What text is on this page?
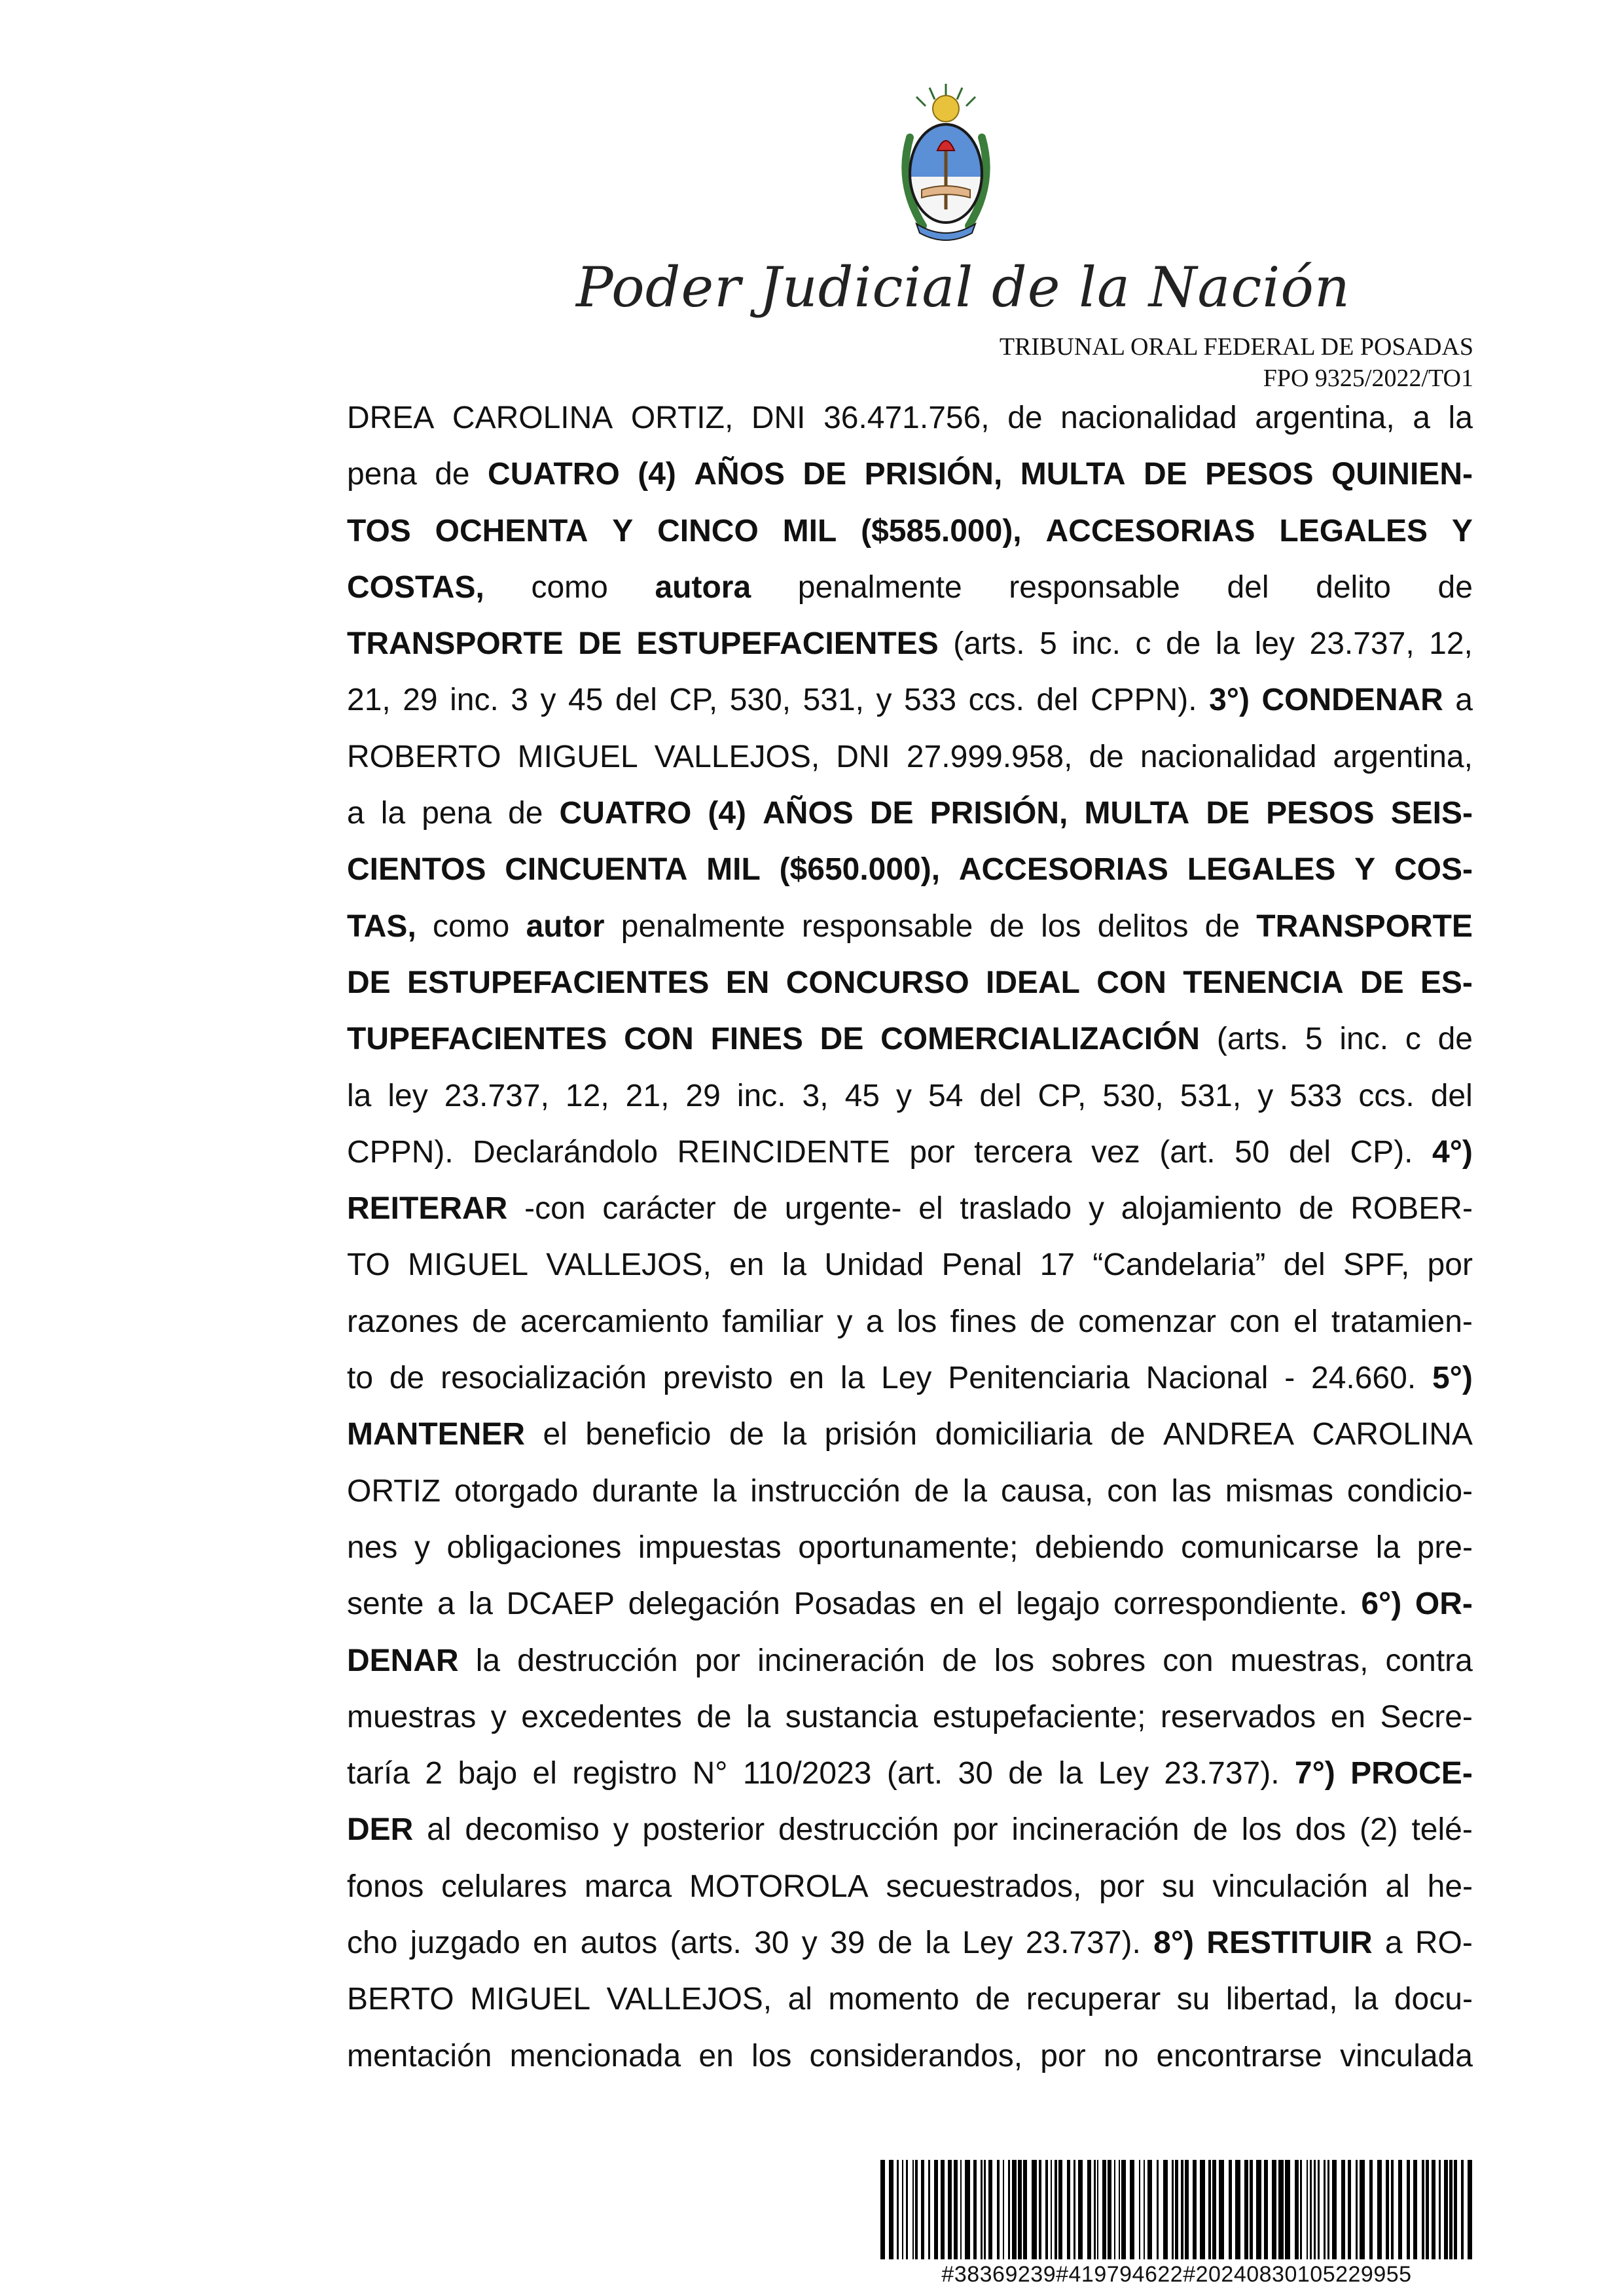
Poder Judicial de la Nación
TRIBUNAL ORAL FEDERAL DE POSADAS
FPO 9325/2022/TO1
DREA CAROLINA ORTIZ, DNI 36.471.756, de nacionalidad argentina, a la
pena de CUATRO (4) AÑOS DE PRISIÓN, MULTA DE PESOS QUINIEN-
TOS OCHENTA Y CINCO MIL ($585.000), ACCESORIAS LEGALES Y
COSTAS, como autora penalmente responsable del delito de
TRANSPORTE DE ESTUPEFACIENTES (arts. 5 inc. c de la ley 23.737, 12,
21, 29 inc. 3 y 45 del CP, 530, 531, y 533 ccs. del CPPN). 3°) CONDENAR a
ROBERTO MIGUEL VALLEJOS, DNI 27.999.958, de nacionalidad argentina,
a la pena de CUATRO (4) AÑOS DE PRISIÓN, MULTA DE PESOS SEIS-
CIENTOS CINCUENTA MIL ($650.000), ACCESORIAS LEGALES Y COS-
TAS, como autor penalmente responsable de los delitos de TRANSPORTE
DE ESTUPEFACIENTES EN CONCURSO IDEAL CON TENENCIA DE ES-
TUPEFACIENTES CON FINES DE COMERCIALIZACIÓN (arts. 5 inc. c de
la ley 23.737, 12, 21, 29 inc. 3, 45 y 54 del CP, 530, 531, y 533 ccs. del
CPPN). Declarándolo REINCIDENTE por tercera vez (art. 50 del CP). 4°)
REITERAR -con carácter de urgente- el traslado y alojamiento de ROBER-
TO MIGUEL VALLEJOS, en la Unidad Penal 17 “Candelaria” del SPF, por
razones de acercamiento familiar y a los fines de comenzar con el tratamien-
to de resocialización previsto en la Ley Penitenciaria Nacional - 24.660. 5°)
MANTENER el beneficio de la prisión domiciliaria de ANDREA CAROLINA
ORTIZ otorgado durante la instrucción de la causa, con las mismas condicio-
nes y obligaciones impuestas oportunamente; debiendo comunicarse la pre-
sente a la DCAEP delegación Posadas en el legajo correspondiente. 6°) OR-
DENAR la destrucción por incineración de los sobres con muestras, contra
muestras y excedentes de la sustancia estupefaciente; reservados en Secre-
taría 2 bajo el registro N° 110/2023 (art. 30 de la Ley 23.737). 7°) PROCE-
DER al decomiso y posterior destrucción por incineración de los dos (2) telé-
fonos celulares marca MOTOROLA secuestrados, por su vinculación al he-
cho juzgado en autos (arts. 30 y 39 de la Ley 23.737). 8°) RESTITUIR a RO-
BERTO MIGUEL VALLEJOS, al momento de recuperar su libertad, la docu-
mentación mencionada en los considerandos, por no encontrarse vinculada
#38369239#419794622#20240830105229955
